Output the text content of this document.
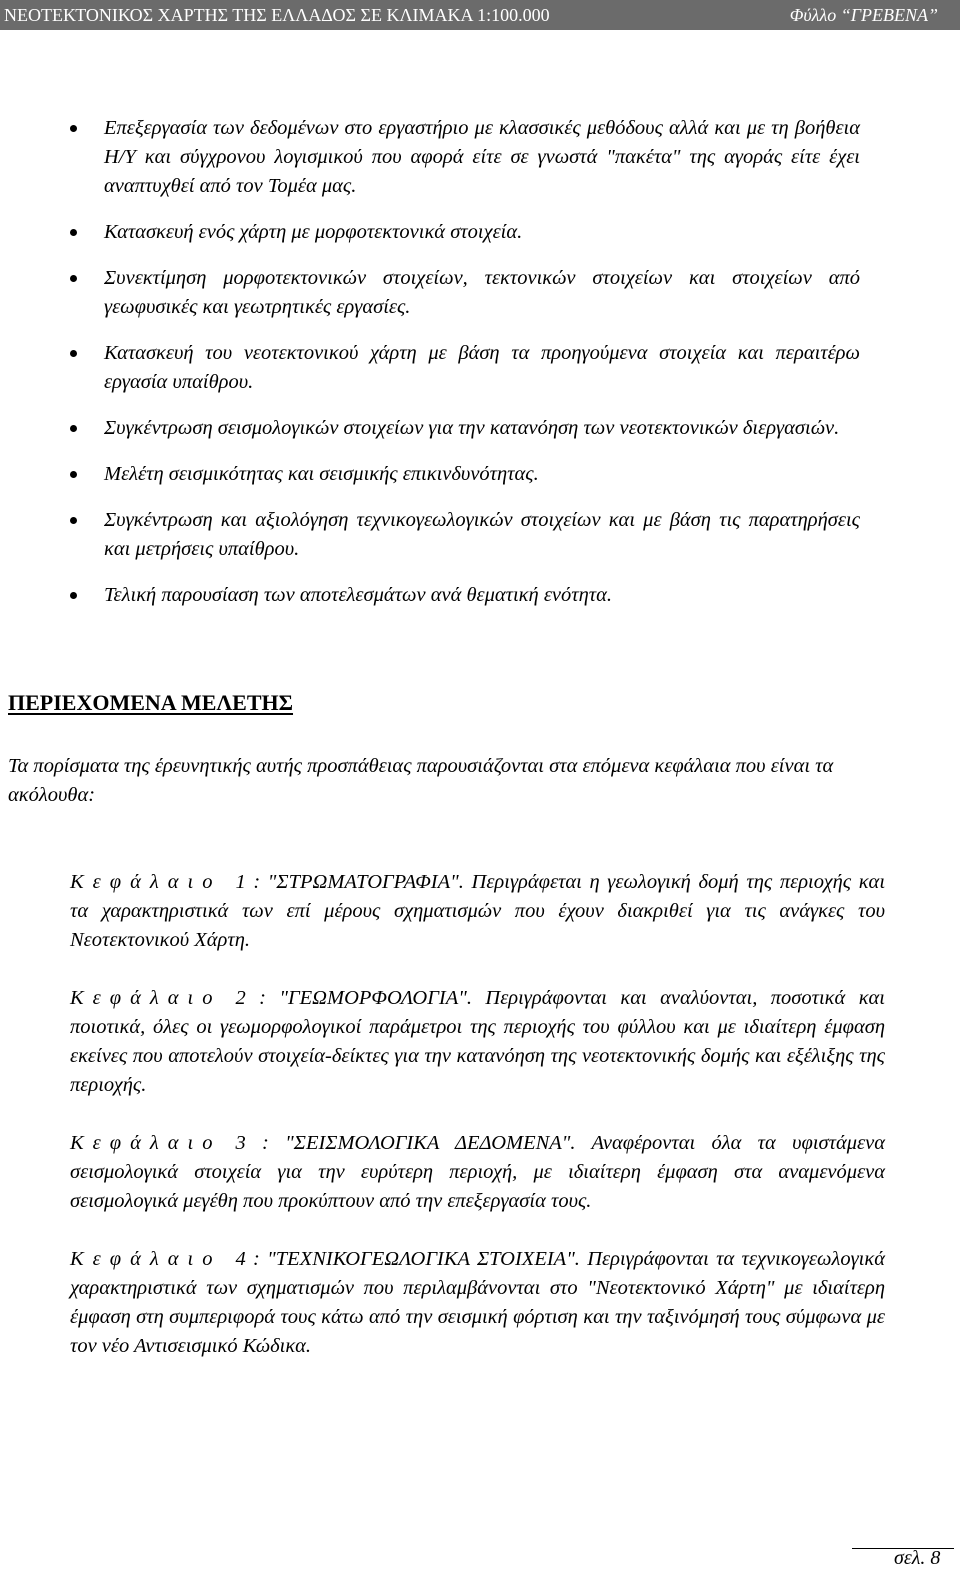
ΝΕΟΤΕΚΤΟΝΙΚΟΣ ΧΑΡΤΗΣ ΤΗΣ ΕΛΛΑΔΟΣ ΣΕ ΚΛΙΜΑΚΑ 1:100.000	Φύλλο “ΓΡΕΒΕΝΑ”
Επεξεργασία των δεδομένων στο εργαστήριο με κλασσικές μεθόδους αλλά και με τη βοήθεια Η/Υ και σύγχρονου λογισμικού που αφορά είτε σε γνωστά "πακέτα" της αγοράς είτε έχει αναπτυχθεί από τον Τομέα μας.
Κατασκευή ενός χάρτη με μορφοτεκτονικά στοιχεία.
Συνεκτίμηση μορφοτεκτονικών στοιχείων, τεκτονικών στοιχείων και στοιχείων από γεωφυσικές και γεωτρητικές εργασίες.
Κατασκευή του νεοτεκτονικού χάρτη με βάση τα προηγούμενα στοιχεία και περαιτέρω εργασία υπαίθρου.
Συγκέντρωση σεισμολογικών στοιχείων για την κατανόηση των νεοτεκτονικών διεργασιών.
Μελέτη σεισμικότητας και σεισμικής επικινδυνότητας.
Συγκέντρωση και αξιολόγηση τεχνικογεωλογικών στοιχείων και με βάση τις παρατηρήσεις και μετρήσεις υπαίθρου.
Τελική παρουσίαση των αποτελεσμάτων ανά θεματική ενότητα.
ΠΕΡΙΕΧΟΜΕΝΑ ΜΕΛΕΤΗΣ
Τα πορίσματα της έρευνητικής αυτής προσπάθειας παρουσιάζονται στα επόμενα κεφάλαια που είναι τα ακόλουθα:
Κεφάλαιο 1 : "ΣΤΡΩΜΑΤΟΓΡΑΦΙΑ". Περιγράφεται η γεωλογική δομή της περιοχής και τα χαρακτηριστικά των επί μέρους σχηματισμών που έχουν διακριθεί για τις ανάγκες του Νεοτεκτονικού Χάρτη.
Κεφάλαιο 2 : "ΓΕΩΜΟΡΦΟΛΟΓΙΑ". Περιγράφονται και αναλύονται, ποσοτικά και ποιοτικά, όλες οι γεωμορφολογικοί παράμετροι της περιοχής του φύλλου και με ιδιαίτερη έμφαση εκείνες που αποτελούν στοιχεία-δείκτες για την κατανόηση της νεοτεκτονικής δομής και εξέλιξης της περιοχής.
Κεφάλαιο 3 : "ΣΕΙΣΜΟΛΟΓΙΚΑ ΔΕΔΟΜΕΝΑ". Αναφέρονται όλα τα υφιστάμενα σεισμολογικά στοιχεία για την ευρύτερη περιοχή, με ιδιαίτερη έμφαση στα αναμενόμενα σεισμολογικά μεγέθη που προκύπτουν από την επεξεργασία τους.
Κεφάλαιο 4 : "ΤΕΧΝΙΚΟΓΕΩΛΟΓΙΚΑ ΣΤΟΙΧΕΙΑ". Περιγράφονται τα τεχνικογεωλογικά χαρακτηριστικά των σχηματισμών που περιλαμβάνονται στο "Νεοτεκτονικό Χάρτη" με ιδιαίτερη έμφαση στη συμπεριφορά τους κάτω από την σεισμική φόρτιση και την ταξινόμησή τους σύμφωνα με τον νέο Αντισεισμικό Κώδικα.
σελ. 8
